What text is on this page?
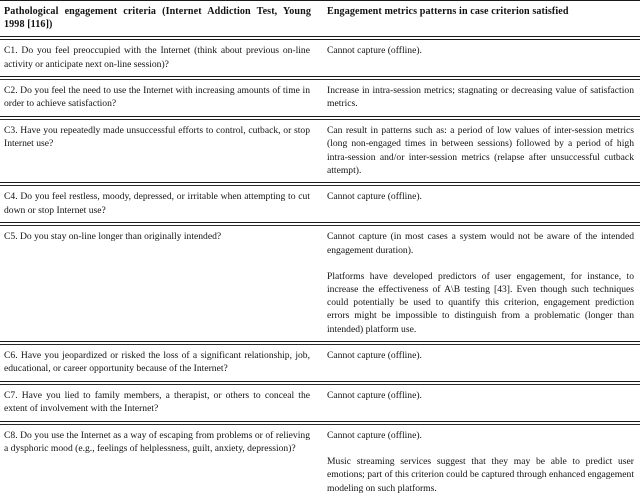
Pathological engagement criteria (Internet Addiction Test, Young 1998 [116])	Engagement metrics patterns in case criterion satisfied

C1. Do you feel preoccupied with the Internet (think about previous on-line activity or anticipate next on-line session)?	Cannot capture (offline).

C2. Do you feel the need to use the Internet with increasing amounts of time in order to achieve satisfaction?	Increase in intra-session metrics; stagnating or decreasing value of satisfaction metrics.

C3. Have you repeatedly made unsuccessful efforts to control, cutback, or stop Internet use?	Can result in patterns such as: a period of low values of inter-session metrics (long non-engaged times in between sessions) followed by a period of high intra-session and/or inter-session metrics (relapse after unsuccessful cutback attempt).

C4. Do you feel restless, moody, depressed, or irritable when attempting to cut down or stop Internet use?	Cannot capture (offline).

C5. Do you stay on-line longer than originally intended?	Cannot capture (in most cases a system would not be aware of the intended engagement duration).

Platforms have developed predictors of user engagement, for instance, to increase the effectiveness of A\B testing [43]. Even though such techniques could potentially be used to quantify this criterion, engagement prediction errors might be impossible to distinguish from a problematic (longer than intended) platform use.

C6. Have you jeopardized or risked the loss of a significant relationship, job, educational, or career opportunity because of the Internet?	Cannot capture (offline).

C7. Have you lied to family members, a therapist, or others to conceal the extent of involvement with the Internet?	Cannot capture (offline).

C8. Do you use the Internet as a way of escaping from problems or of relieving a dysphoric mood (e.g., feelings of helplessness, guilt, anxiety, depression)?	Cannot capture (offline).

Music streaming services suggest that they may be able to predict user emotions; part of this criterion could be captured through enhanced engagement modeling on such platforms.
